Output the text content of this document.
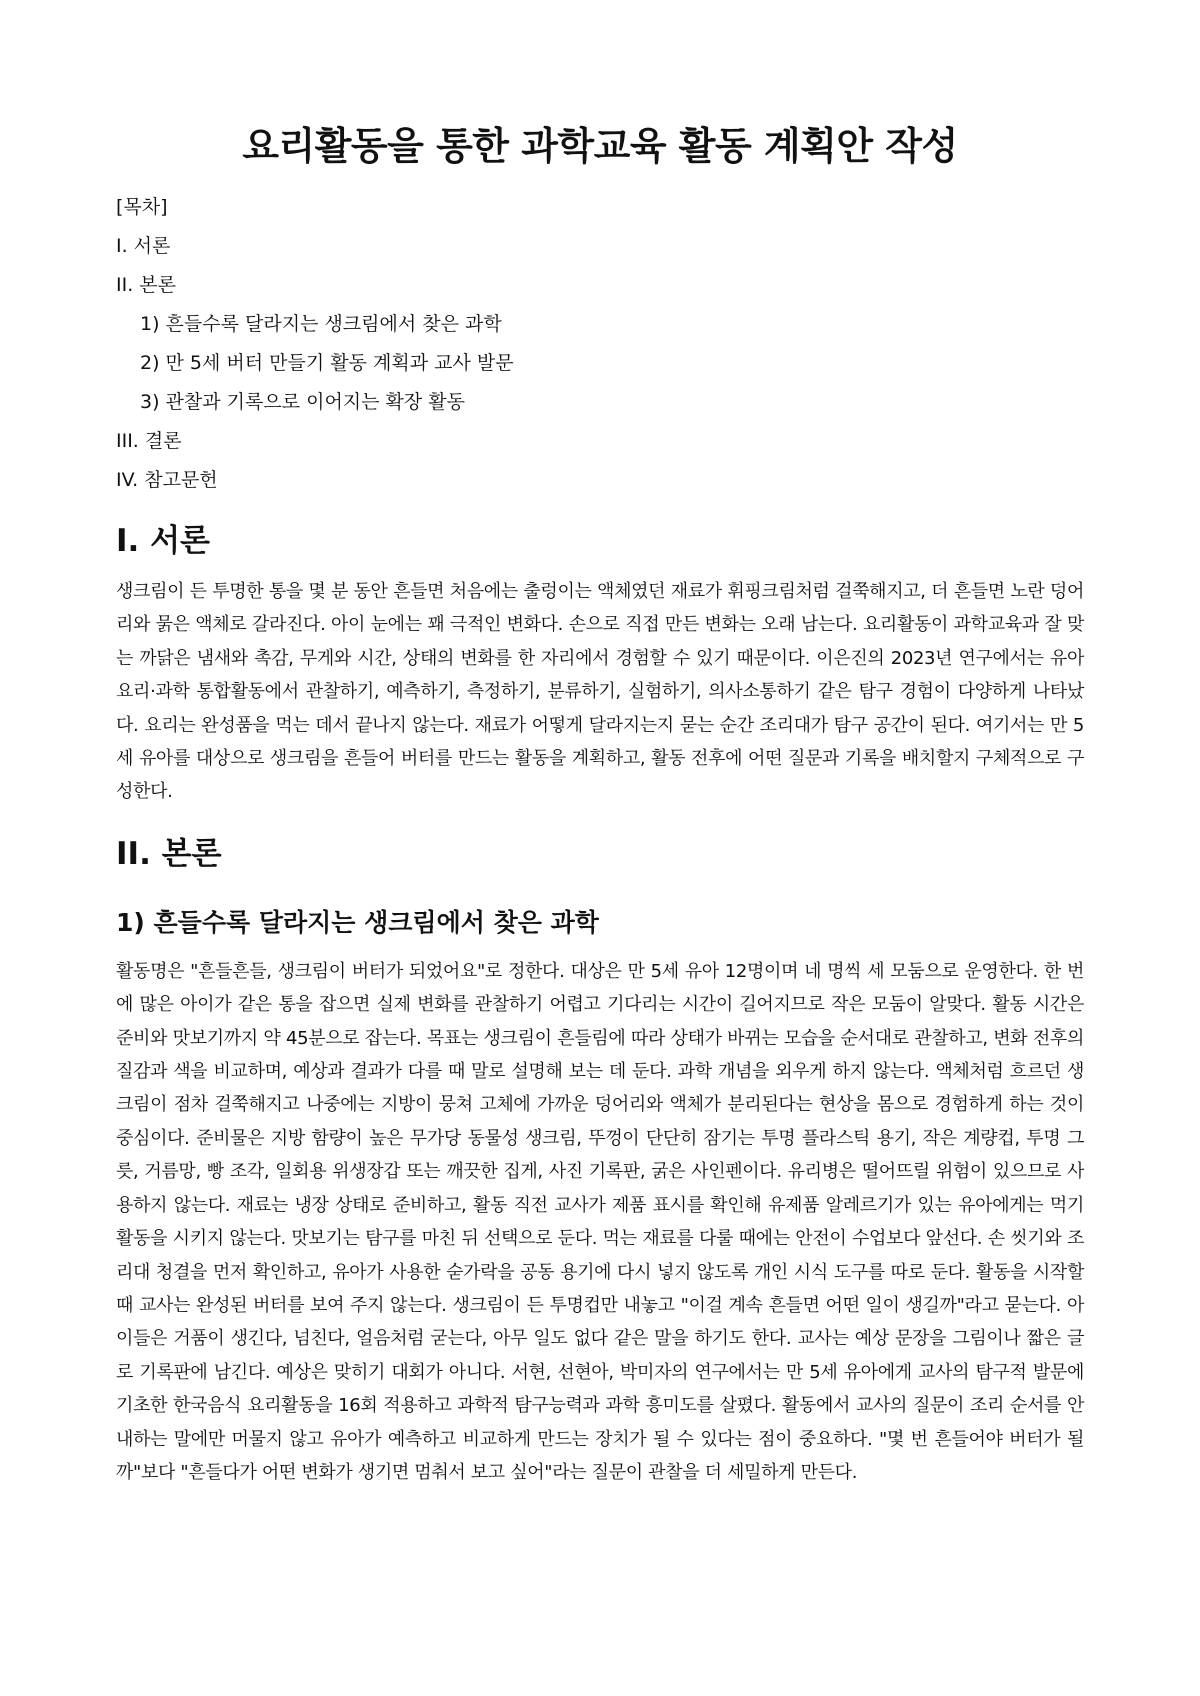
요리활동을 통한 과학교육 활동 계획안 작성
[목차]
I. 서론
II. 본론
1) 흔들수록 달라지는 생크림에서 찾은 과학
2) 만 5세 버터 만들기 활동 계획과 교사 발문
3) 관찰과 기록으로 이어지는 확장 활동
III. 결론
IV. 참고문헌
I. 서론

생크림이 든 투명한 통을 몇 분 동안 흔들면 처음에는 출렁이는 액체였던 재료가 휘핑크림처럼 걸쭉해지고, 더 흔들면 노란 덩어리와 묽은 액체로 갈라진다. 아이 눈에는 꽤 극적인 변화다. 손으로 직접 만든 변화는 오래 남는다. 요리활동이 과학교육과 잘 맞는 까닭은 냄새와 촉감, 무게와 시간, 상태의 변화를 한 자리에서 경험할 수 있기 때문이다. 이은진의 2023년 연구에서는 유아 요리·과학 통합활동에서 관찰하기, 예측하기, 측정하기, 분류하기, 실험하기, 의사소통하기 같은 탐구 경험이 다양하게 나타났다. 요리는 완성품을 먹는 데서 끝나지 않는다. 재료가 어떻게 달라지는지 묻는 순간 조리대가 탐구 공간이 된다. 여기서는 만 5세 유아를 대상으로 생크림을 흔들어 버터를 만드는 활동을 계획하고, 활동 전후에 어떤 질문과 기록을 배치할지 구체적으로 구성한다.

II. 본론
1) 흔들수록 달라지는 생크림에서 찾은 과학

활동명은 "흔들흔들, 생크림이 버터가 되었어요"로 정한다. 대상은 만 5세 유아 12명이며 네 명씩 세 모둠으로 운영한다. 한 번에 많은 아이가 같은 통을 잡으면 실제 변화를 관찰하기 어렵고 기다리는 시간이 길어지므로 작은 모둠이 알맞다. 활동 시간은 준비와 맛보기까지 약 45분으로 잡는다. 목표는 생크림이 흔들림에 따라 상태가 바뀌는 모습을 순서대로 관찰하고, 변화 전후의 질감과 색을 비교하며, 예상과 결과가 다를 때 말로 설명해 보는 데 둔다. 과학 개념을 외우게 하지 않는다. 액체처럼 흐르던 생크림이 점차 걸쭉해지고 나중에는 지방이 뭉쳐 고체에 가까운 덩어리와 액체가 분리된다는 현상을 몸으로 경험하게 하는 것이 중심이다. 준비물은 지방 함량이 높은 무가당 동물성 생크림, 뚜껑이 단단히 잠기는 투명 플라스틱 용기, 작은 계량컵, 투명 그릇, 거름망, 빵 조각, 일회용 위생장갑 또는 깨끗한 집게, 사진 기록판, 굵은 사인펜이다. 유리병은 떨어뜨릴 위험이 있으므로 사용하지 않는다. 재료는 냉장 상태로 준비하고, 활동 직전 교사가 제품 표시를 확인해 유제품 알레르기가 있는 유아에게는 먹기 활동을 시키지 않는다. 맛보기는 탐구를 마친 뒤 선택으로 둔다. 먹는 재료를 다룰 때에는 안전이 수업보다 앞선다. 손 씻기와 조리대 청결을 먼저 확인하고, 유아가 사용한 숟가락을 공동 용기에 다시 넣지 않도록 개인 시식 도구를 따로 둔다. 활동을 시작할 때 교사는 완성된 버터를 보여 주지 않는다. 생크림이 든 투명컵만 내놓고 "이걸 계속 흔들면 어떤 일이 생길까"라고 묻는다. 아이들은 거품이 생긴다, 넘친다, 얼음처럼 굳는다, 아무 일도 없다 같은 말을 하기도 한다. 교사는 예상 문장을 그림이나 짧은 글로 기록판에 남긴다. 예상은 맞히기 대회가 아니다. 서현, 선현아, 박미자의 연구에서는 만 5세 유아에게 교사의 탐구적 발문에 기초한 한국음식 요리활동을 16회 적용하고 과학적 탐구능력과 과학 흥미도를 살폈다. 활동에서 교사의 질문이 조리 순서를 안내하는 말에만 머물지 않고 유아가 예측하고 비교하게 만드는 장치가 될 수 있다는 점이 중요하다. "몇 번 흔들어야 버터가 될까"보다 "흔들다가 어떤 변화가 생기면 멈춰서 보고 싶어"라는 질문이 관찰을 더 세밀하게 만든다.
